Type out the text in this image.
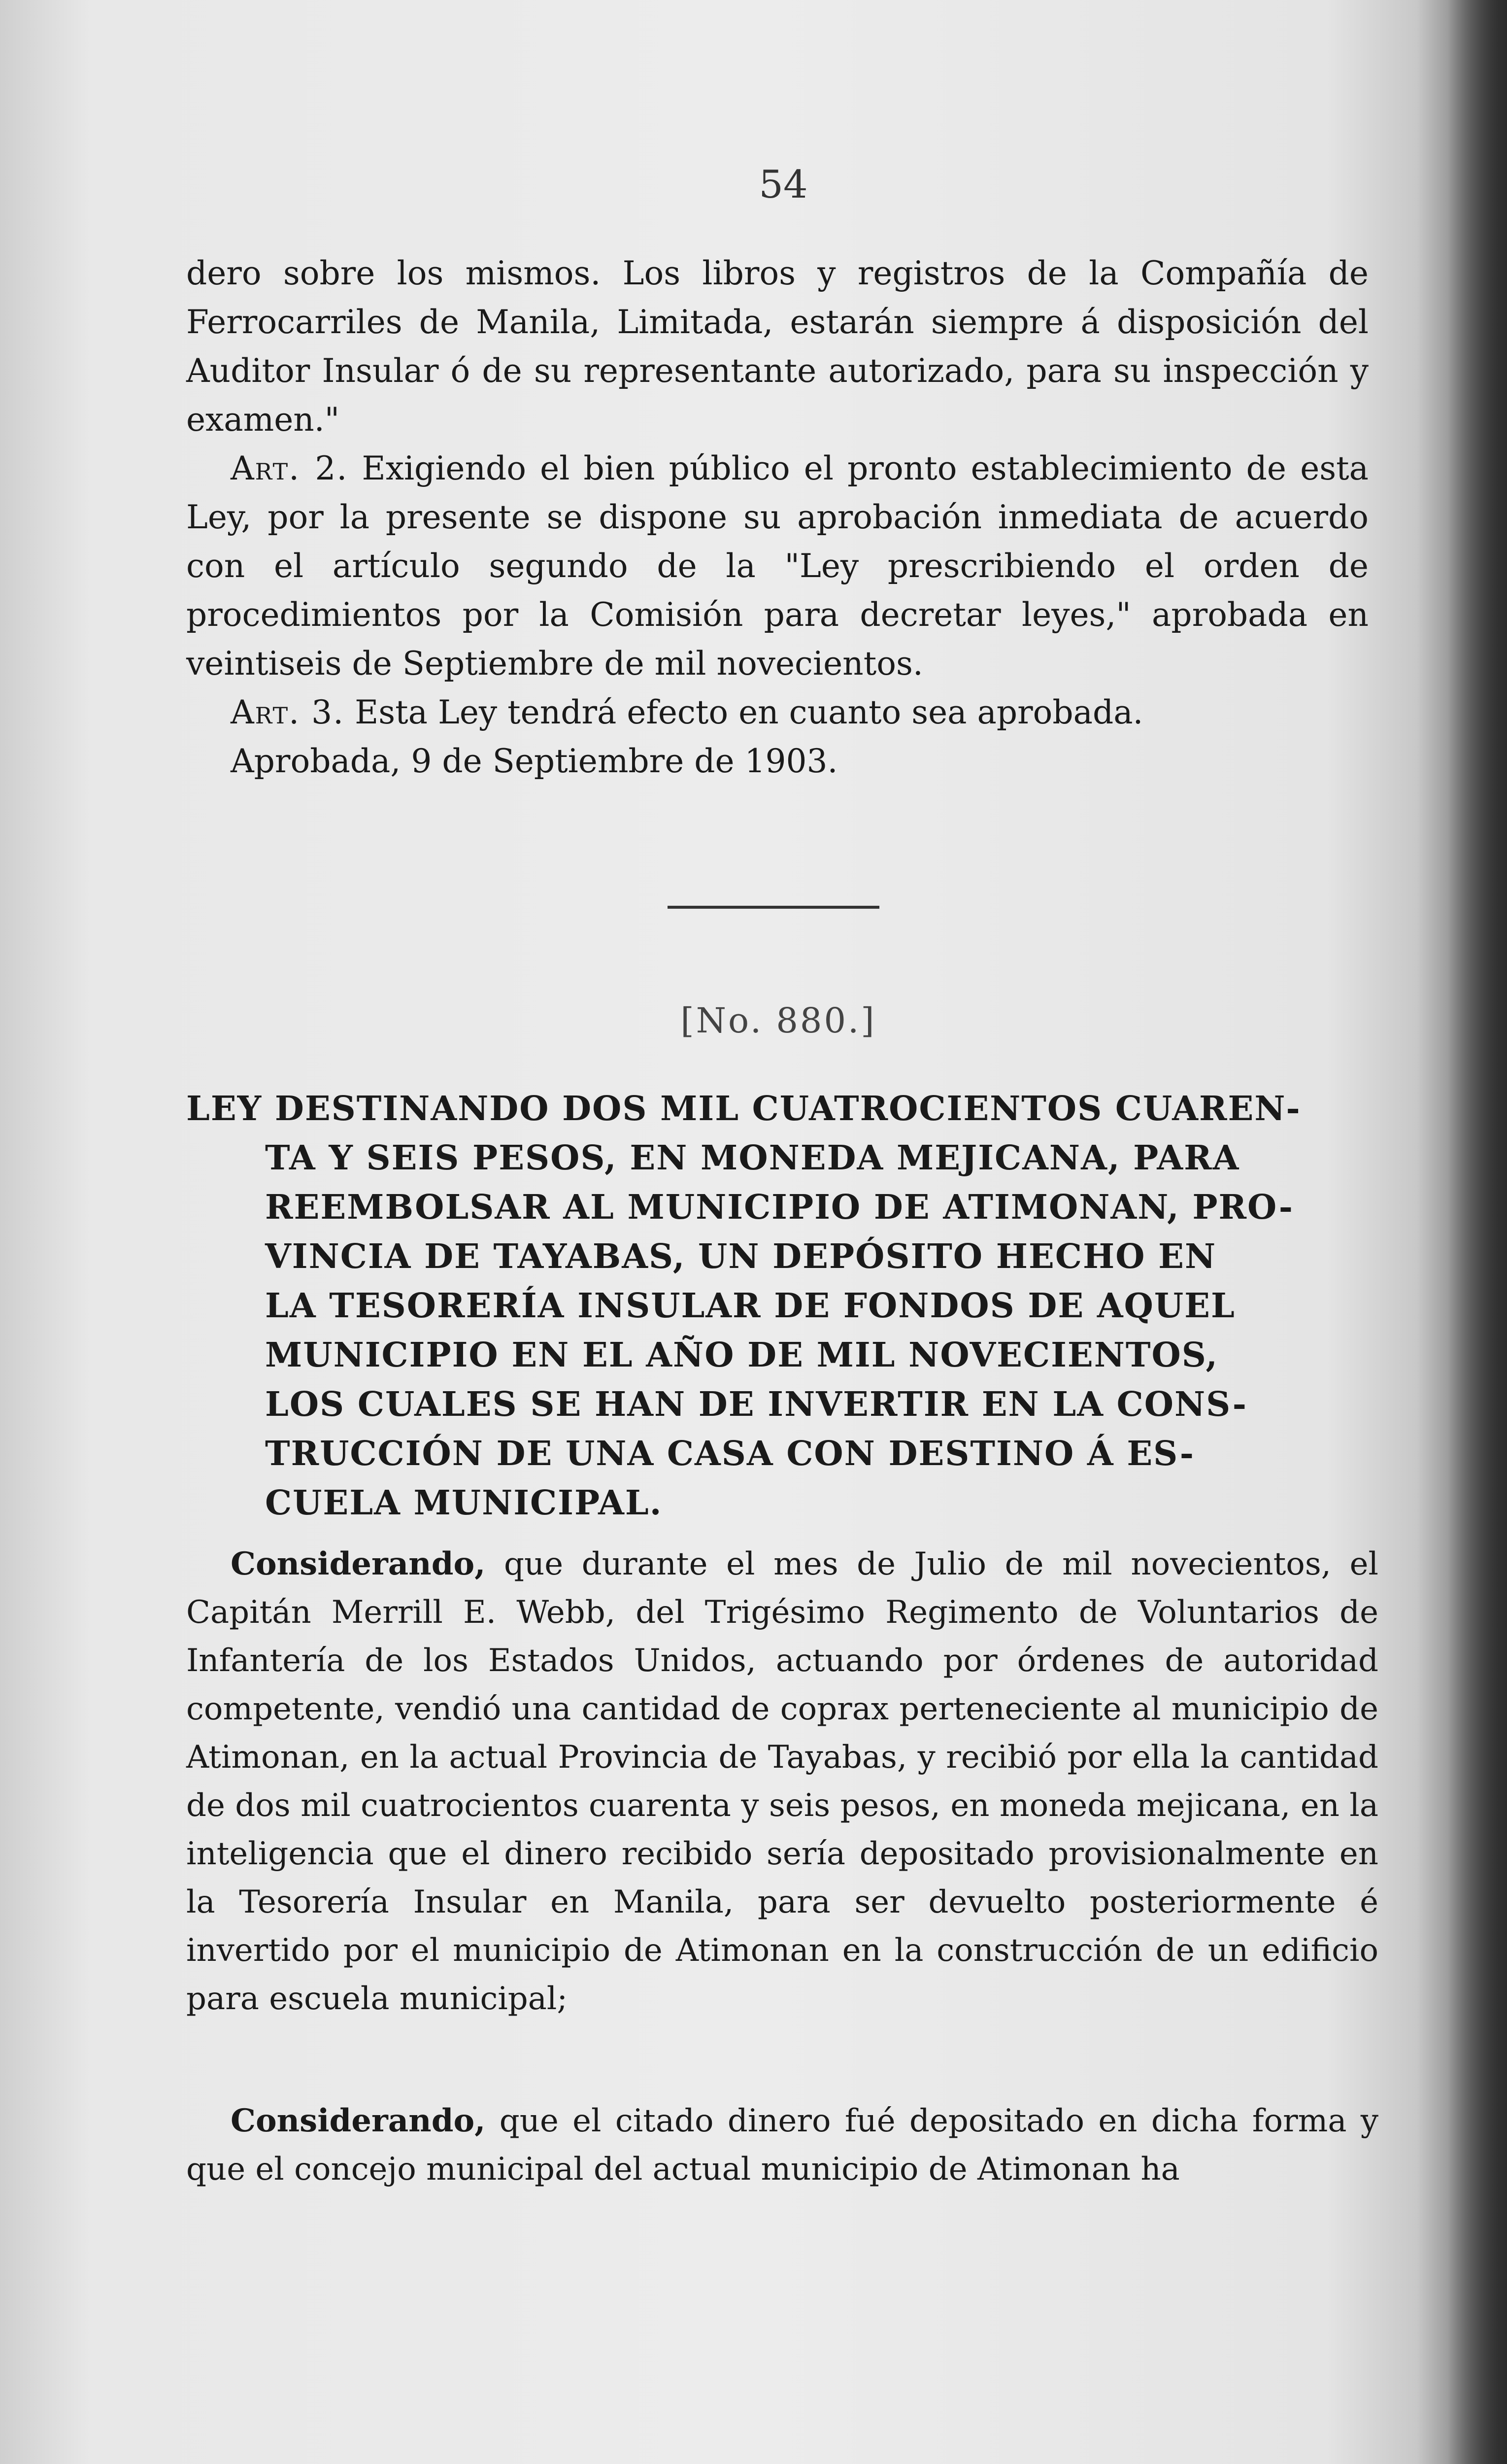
54

dero sobre los mismos. Los libros y registros de la Compañía de Ferrocarriles de Manila, Limitada, estarán siempre á disposición del Auditor Insular ó de su representante autorizado, para su inspección y examen."

Art. 2. Exigiendo el bien público el pronto establecimiento de esta Ley, por la presente se dispone su aprobación inmediata de acuerdo con el artículo segundo de la "Ley prescribiendo el orden de procedimientos por la Comisión para decretar leyes," aprobada en veintiseis de Septiembre de mil novecientos.

Art. 3. Esta Ley tendrá efecto en cuanto sea aprobada.

Aprobada, 9 de Septiembre de 1903.

[No. 880.]
LEY DESTINANDO DOS MIL CUATROCIENTOS CUAREN-
TA Y SEIS PESOS, EN MONEDA MEJICANA, PARA
REEMBOLSAR AL MUNICIPIO DE ATIMONAN, PRO-
VINCIA DE TAYABAS, UN DEPÓSITO HECHO EN
LA TESORERÍA INSULAR DE FONDOS DE AQUEL
MUNICIPIO EN EL AÑO DE MIL NOVECIENTOS,
LOS CUALES SE HAN DE INVERTIR EN LA CONS-
TRUCCIÓN DE UNA CASA CON DESTINO Á ES-
CUELA MUNICIPAL.

Considerando, que durante el mes de Julio de mil novecientos, el Capitán Merrill E. Webb, del Trigésimo Regimento de Voluntarios de Infantería de los Estados Unidos, actuando por órdenes de autoridad competente, vendió una cantidad de coprax perteneciente al municipio de Atimonan, en la actual Provincia de Tayabas, y recibió por ella la cantidad de dos mil cuatrocientos cuarenta y seis pesos, en moneda mejicana, en la inteligencia que el dinero recibido sería depositado provisionalmente en la Tesorería Insular en Manila, para ser devuelto posteriormente é invertido por el municipio de Atimonan en la construcción de un edificio para escuela municipal;

Considerando, que el citado dinero fué depositado en dicha forma y que el concejo municipal del actual municipio de Atimonan ha
